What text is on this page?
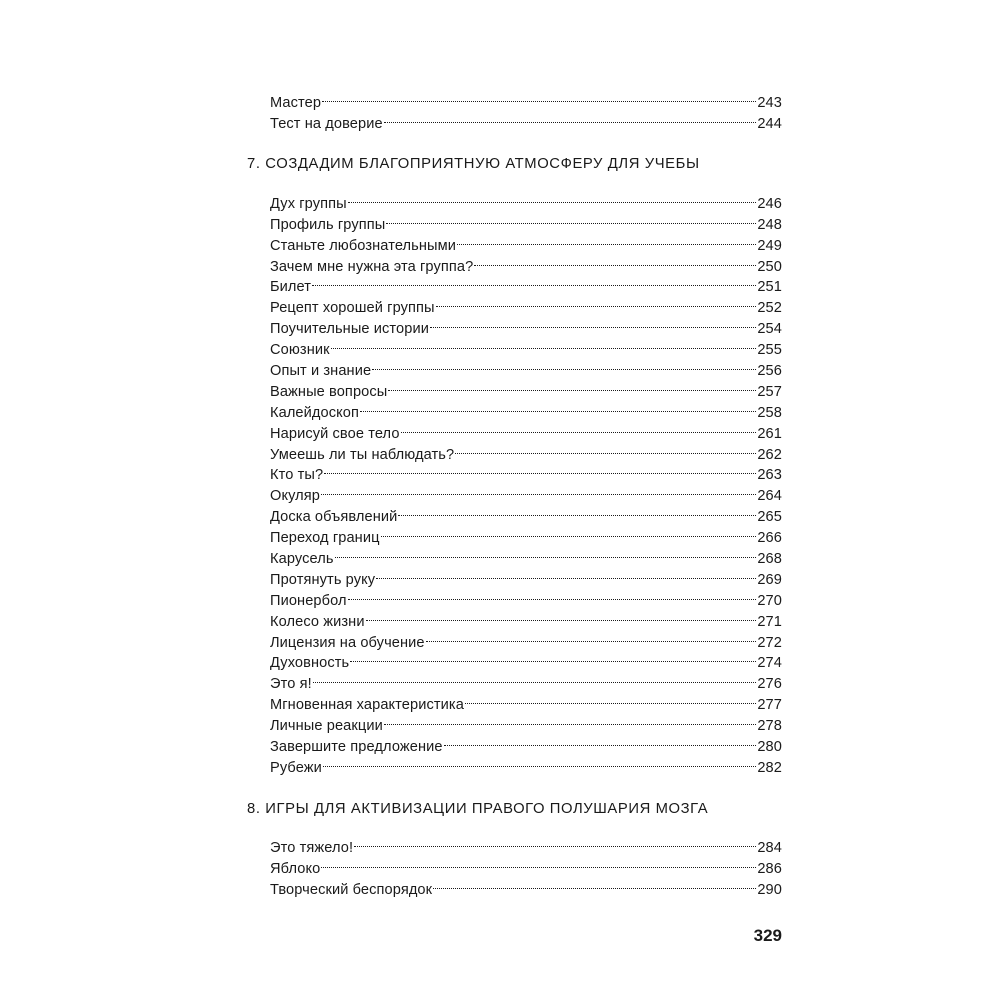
Мастер	243
Тест на доверие	244
7. СОЗДАДИМ БЛАГОПРИЯТНУЮ АТМОСФЕРУ ДЛЯ УЧЕБЫ
Дух группы	246
Профиль группы	248
Станьте любознательными	249
Зачем мне нужна эта группа?	250
Билет	251
Рецепт хорошей группы	252
Поучительные истории	254
Союзник	255
Опыт и знание	256
Важные вопросы	257
Калейдоскоп	258
Нарисуй свое тело	261
Умеешь ли ты наблюдать?	262
Кто ты?	263
Окуляр	264
Доска объявлений	265
Переход границ	266
Карусель	268
Протянуть руку	269
Пионербол	270
Колесо жизни	271
Лицензия на обучение	272
Духовность	274
Это я!	276
Мгновенная характеристика	277
Личные реакции	278
Завершите предложение	280
Рубежи	282
8. ИГРЫ ДЛЯ АКТИВИЗАЦИИ ПРАВОГО ПОЛУШАРИЯ МОЗГА
Это тяжело!	284
Яблоко	286
Творческий беспорядок	290
329
